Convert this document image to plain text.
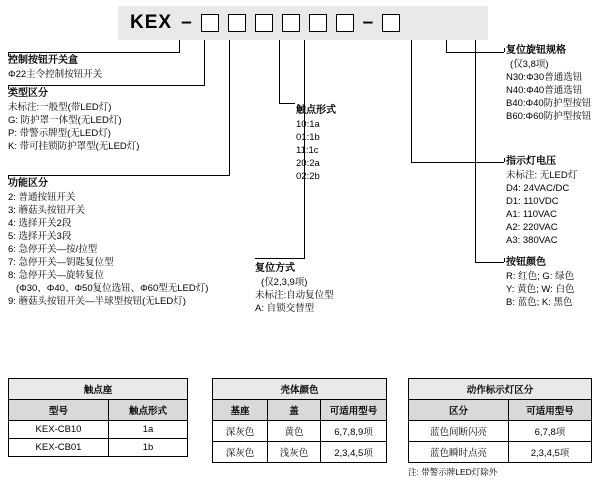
KEX –	–
控制按钮开关盒
Φ22主令控制按钮开关
类型区分
未标注:一般型(带LED灯)
G: 防护罩一体型(无LED灯)
P: 带警示牌型(无LED灯)
K: 带可挂锁防护罩型(无LED灯)
功能区分
2: 普通按钮开关
3: 蘑菇头按钮开关
4: 选择开关2段
5: 选择开关3段
6: 急停开关—按/拉型
7: 急停开关—钥匙复位型
8: 急停开关—旋转复位
(Φ30、Φ40、Φ50复位选钮、Φ60型无LED灯)
9: 蘑菇头按钮开关—半球型按钮(无LED灯)
触点形式
10:1a
01:1b
11:1c
20:2a
02:2b
复位方式
(仅2,3,9项)
未标注:自动复位型
A: 自锁交替型
复位旋钮规格
(仅3,8项)
N30:Φ30普通选钮
N40:Φ40普通选钮
B40:Φ40防护型按钮
B60:Φ60防护型按钮
指示灯电压
未标注: 无LED灯
D4: 24VAC/DC
D1: 110VDC
A1: 110VAC
A2: 220VAC
A3: 380VAC
按钮颜色
R: 红色; G: 绿色
Y: 黄色; W: 白色
B: 蓝色; K: 黑色
触点座	
型号	触点形式
KEX-CB10	1a
KEX-CB01	1b
壳体颜色		
基座	盖	可适用型号
深灰色	黄色	6,7,8,9项
深灰色	浅灰色	2,3,4,5项
动作标示灯区分	
区分	可适用型号
蓝色间断闪亮	6,7,8项
蓝色瞬时点亮	2,3,4,5项
注: 带警示牌LED灯除外
